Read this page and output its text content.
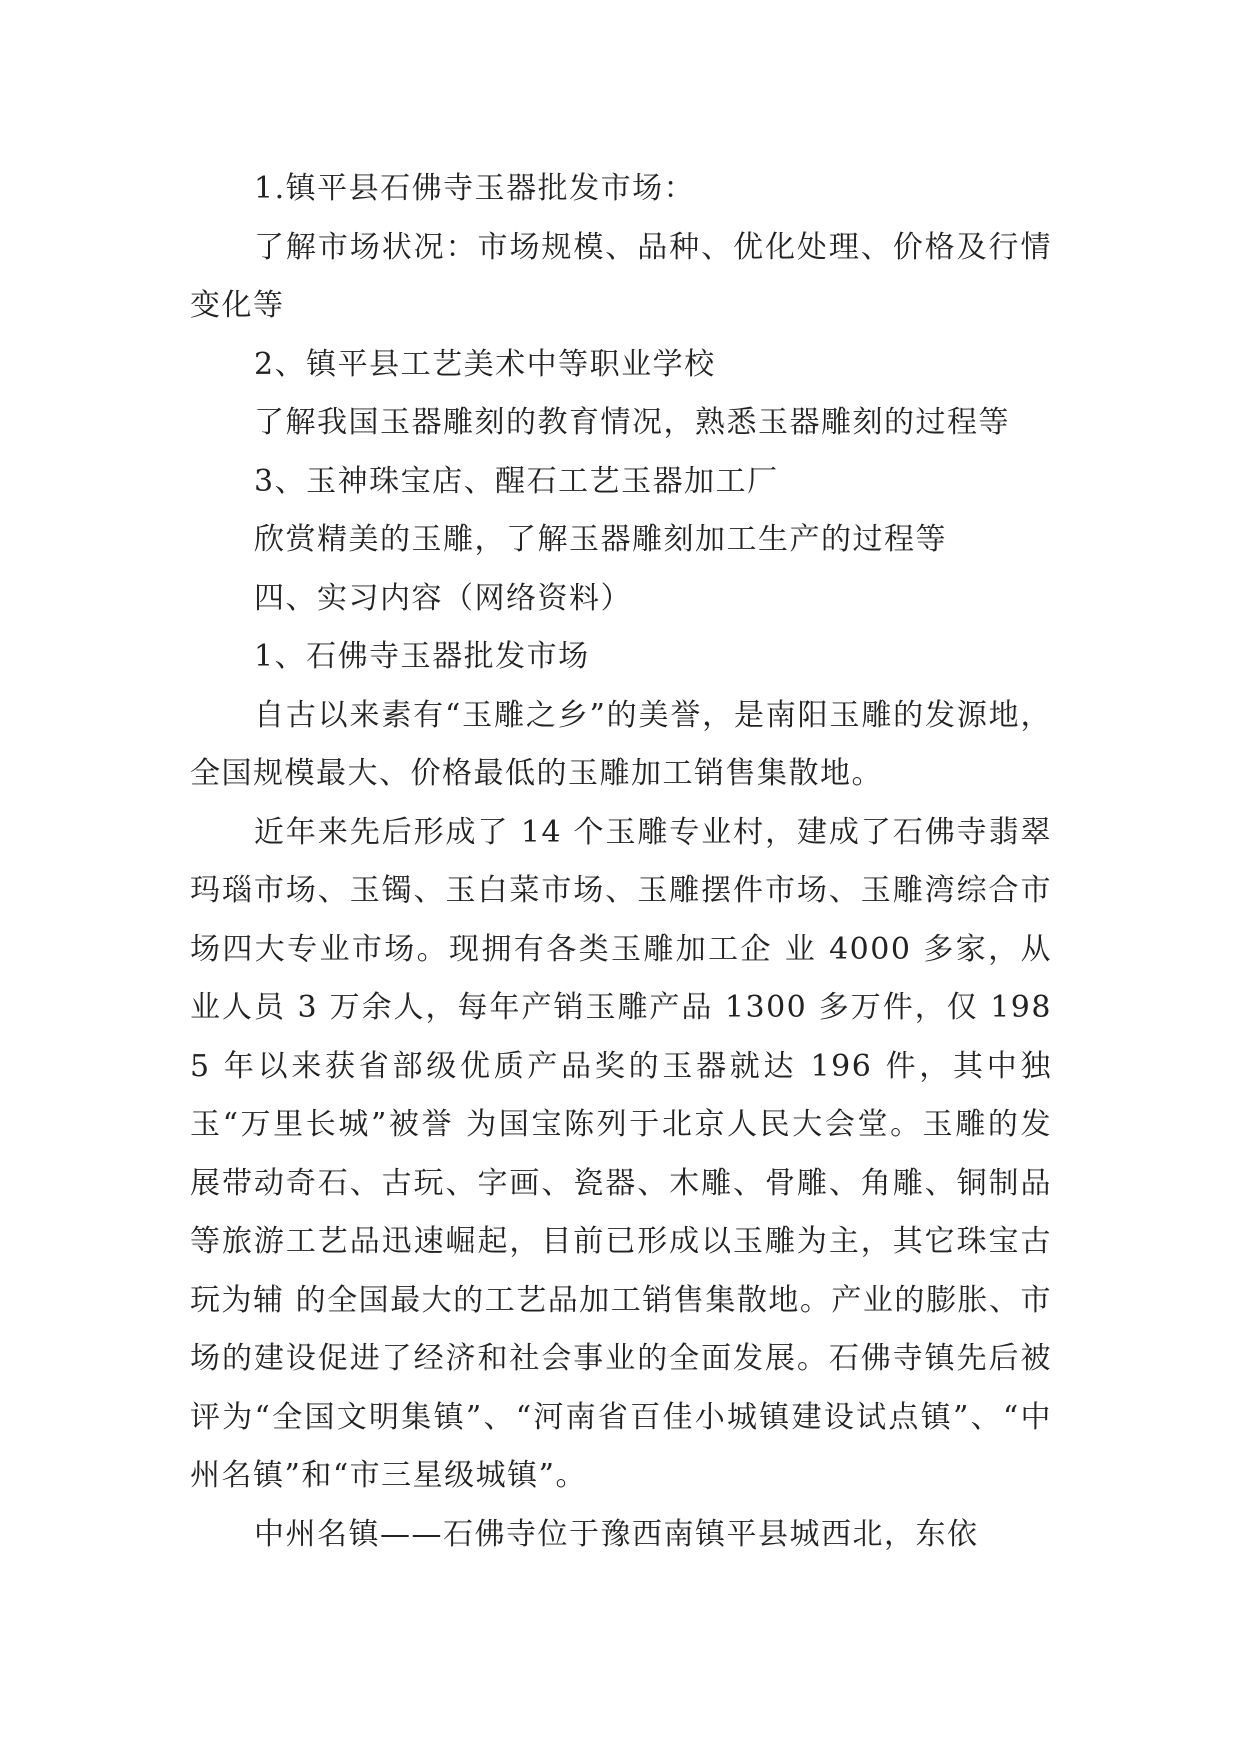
1.镇平县石佛寺玉器批发市场：

了解市场状况：市场规模、品种、优化处理、价格及行情变化等

2、镇平县工艺美术中等职业学校

了解我国玉器雕刻的教育情况，熟悉玉器雕刻的过程等

3、玉神珠宝店、醒石工艺玉器加工厂

欣赏精美的玉雕，了解玉器雕刻加工生产的过程等

四、实习内容（网络资料）

1、石佛寺玉器批发市场

自古以来素有“玉雕之乡”的美誉，是南阳玉雕的发源地，全国规模最大、价格最低的玉雕加工销售集散地。

近年来先后形成了 14 个玉雕专业村，建成了石佛寺翡翠玛瑙市场、玉镯、玉白菜市场、玉雕摆件市场、玉雕湾综合市场四大专业市场。现拥有各类玉雕加工企 业 4000 多家，从业人员 3 万余人，每年产销玉雕产品 1300 多万件，仅 1985 年以来获省部级优质产品奖的玉器就达 196 件，其中独玉“万里长城”被誉 为国宝陈列于北京人民大会堂。玉雕的发展带动奇石、古玩、字画、瓷器、木雕、骨雕、角雕、铜制品等旅游工艺品迅速崛起，目前已形成以玉雕为主，其它珠宝古玩为辅 的全国最大的工艺品加工销售集散地。产业的膨胀、市场的建设促进了经济和社会事业的全面发展。石佛寺镇先后被评为“全国文明集镇”、“河南省百佳小城镇建设试点镇”、“中州名镇”和“市三星级城镇”。

中州名镇——石佛寺位于豫西南镇平县城西北，东依
